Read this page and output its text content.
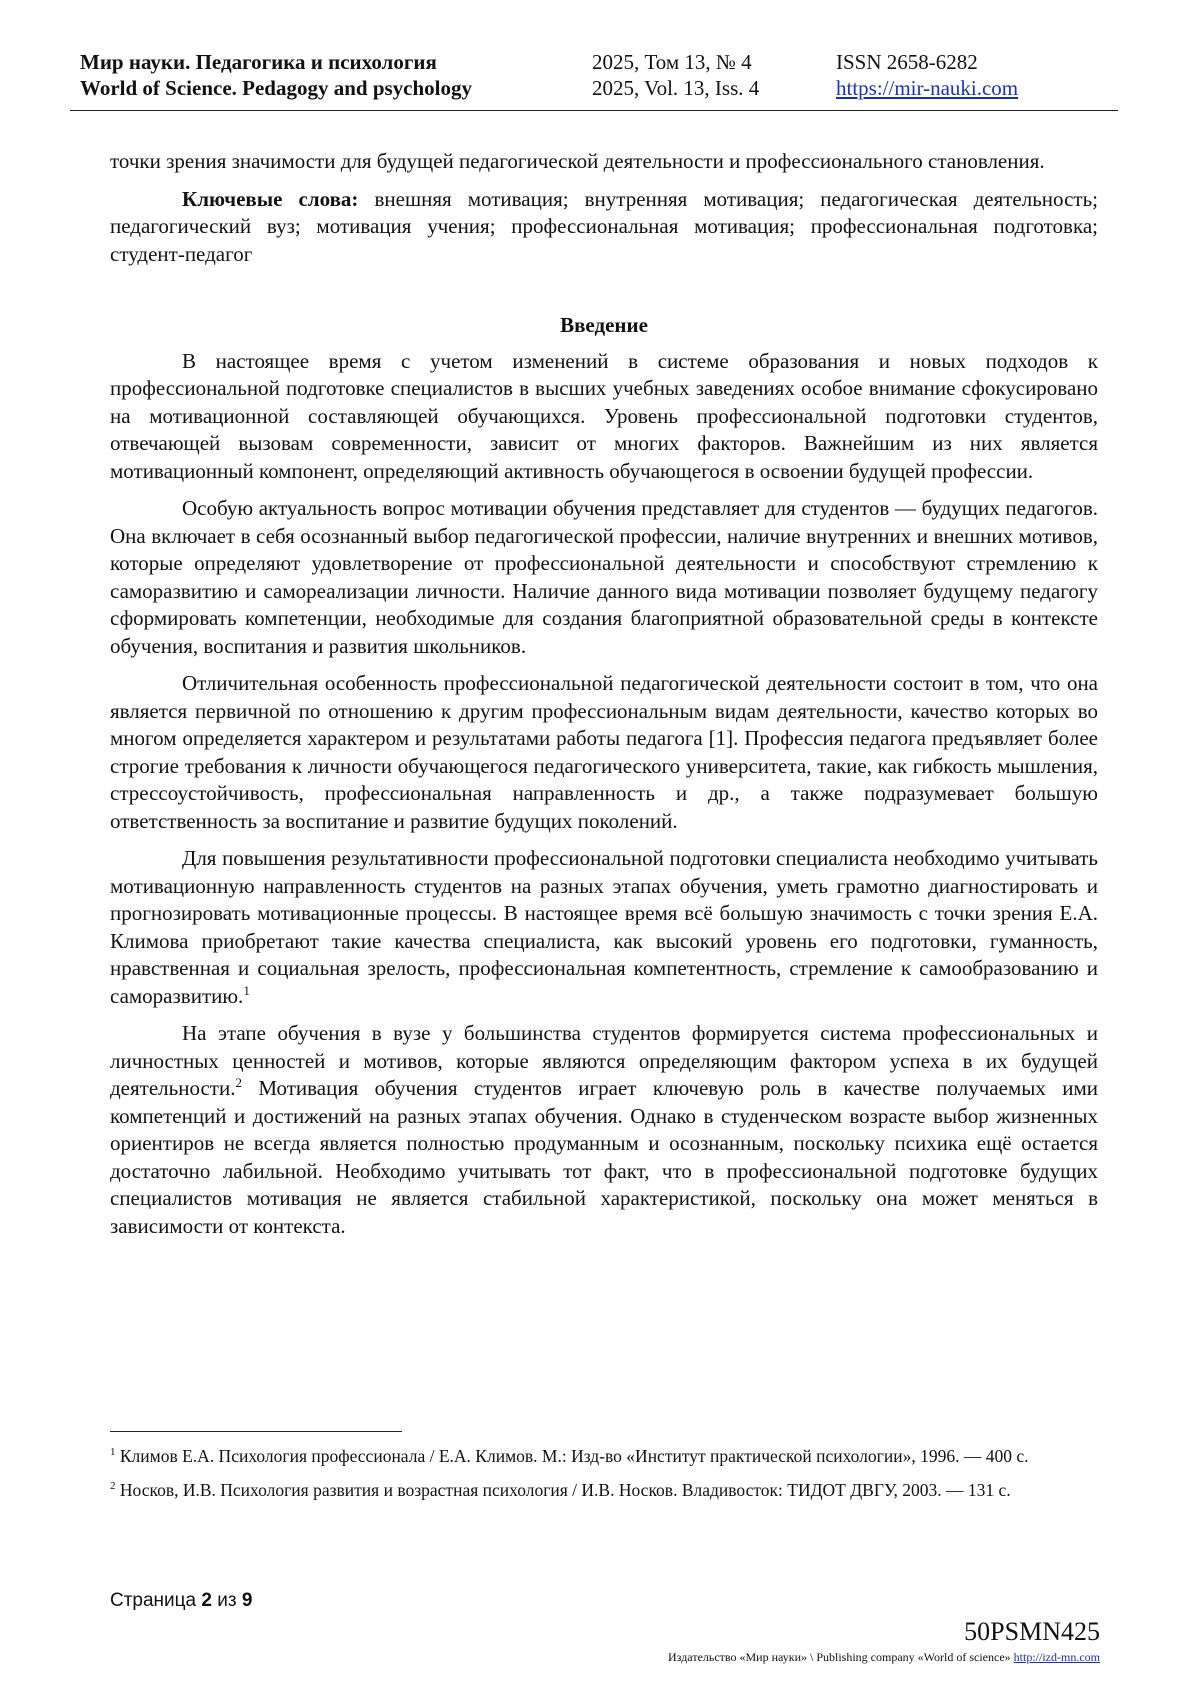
Мир науки. Педагогика и психология
World of Science. Pedagogy and psychology
2025, Том 13, № 4
2025, Vol. 13, Iss. 4
ISSN 2658-6282
https://mir-nauki.com

точки зрения значимости для будущей педагогической деятельности и профессионального становления.

Ключевые слова: внешняя мотивация; внутренняя мотивация; педагогическая деятельность; педагогический вуз; мотивация учения; профессиональная мотивация; профессиональная подготовка; студент-педагог

Введение

В настоящее время с учетом изменений в системе образования и новых подходов к профессиональной подготовке специалистов в высших учебных заведениях особое внимание сфокусировано на мотивационной составляющей обучающихся. Уровень профессиональной подготовки студентов, отвечающей вызовам современности, зависит от многих факторов. Важнейшим из них является мотивационный компонент, определяющий активность обучающегося в освоении будущей профессии.

Особую актуальность вопрос мотивации обучения представляет для студентов — будущих педагогов. Она включает в себя осознанный выбор педагогической профессии, наличие внутренних и внешних мотивов, которые определяют удовлетворение от профессиональной деятельности и способствуют стремлению к саморазвитию и самореализации личности. Наличие данного вида мотивации позволяет будущему педагогу сформировать компетенции, необходимые для создания благоприятной образовательной среды в контексте обучения, воспитания и развития школьников.

Отличительная особенность профессиональной педагогической деятельности состоит в том, что она является первичной по отношению к другим профессиональным видам деятельности, качество которых во многом определяется характером и результатами работы педагога [1]. Профессия педагога предъявляет более строгие требования к личности обучающегося педагогического университета, такие, как гибкость мышления, стрессоустойчивость, профессиональная направленность и др., а также подразумевает большую ответственность за воспитание и развитие будущих поколений.

Для повышения результативности профессиональной подготовки специалиста необходимо учитывать мотивационную направленность студентов на разных этапах обучения, уметь грамотно диагностировать и прогнозировать мотивационные процессы. В настоящее время всё большую значимость с точки зрения Е.А. Климова приобретают такие качества специалиста, как высокий уровень его подготовки, гуманность, нравственная и социальная зрелость, профессиональная компетентность, стремление к самообразованию и саморазвитию.$^1$

На этапе обучения в вузе у большинства студентов формируется система профессиональных и личностных ценностей и мотивов, которые являются определяющим фактором успеха в их будущей деятельности.$^2$ Мотивация обучения студентов играет ключевую роль в качестве получаемых ими компетенций и достижений на разных этапах обучения. Однако в студенческом возрасте выбор жизненных ориентиров не всегда является полностью продуманным и осознанным, поскольку психика ещё остается достаточно лабильной. Необходимо учитывать тот факт, что в профессиональной подготовке будущих специалистов мотивация не является стабильной характеристикой, поскольку она может меняться в зависимости от контекста.

$^1$ Климов Е.А. Психология профессионала / Е.А. Климов. М.: Изд-во «Институт практической психологии», 1996. — 400 с.

$^2$ Носков, И.В. Психология развития и возрастная психология / И.В. Носков. Владивосток: ТИДОТ ДВГУ, 2003. — 131 с.

Страница 2 из 9
50PSMN425
Издательство «Мир науки» \ Publishing company «World of science» http://izd-mn.com
